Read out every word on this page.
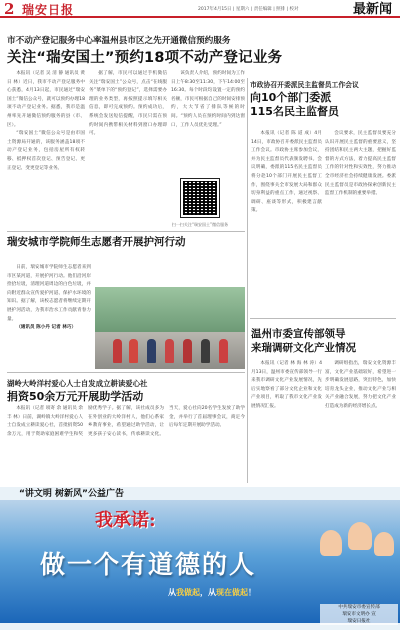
2 瑞安日报	2017年4月15日 | 星期六 | 责任编辑 | 照排 | 校对	最新闻
市不动产登记服务中心率温州县市区之先开通微信预约服务
关注“瑞安国土”预约18项不动产登记业务

本报讯（记者 吴 清 静 通讯员 黄 日 林）近日，我市不动产登记服务中心获悉，4月13日起，市民通过“瑞安国土”微信公众号，就可以预约办理18项不动产登记业务。据悉，我市是温州率先开通微信预约服务的县（市、区）。

“瑞安国土”微信公众号是由市国土资源局开通的，该服务涵盖18项不动产登记业务，包括房屋所有权转移、抵押权首次登记、预告登记、更正登记、变更登记等业务。

据了解，市民可以通过手机微信关注“瑞安国土”公众号，点击“在线服务”菜单下的“预约登记”，选择需要办理的业务类型，再按照提示填写相关信息，即可完成预约。预约成功后，系统会发送短信提醒，市民只需在预约时间内携带相关材料到窗口办理即可。

该负责人介绍，预约时间为工作日上午8:30至11:30，下午14:00至16:30。每个时段均设置一定的预约名额，市民可根据自己的时间安排预约，大大节省了排队等候的时间。“预约人员在预约时间内到达窗口，工作人员优先受理。”

扫一扫关注“瑞安国土”微信服务
市政协召开委派民主监督员工作会议
向10个部门委派
115名民主监督员

本报讯（记者 陈 道 成）4月14日，市政协召开委派民主监督员工作会议。市政协主席参加会议，并为民主监督员代表颁发聘书。会议明确，委派的115名民主监督员将分赴10个部门开展民主监督工作，围绕事关全市发展大局和群众切身利益的重点工作，通过视察、调研、座谈等形式，积极建言献策。

会议要求，民主监督员要充分认识开展民主监督的重要意义，坚持团结和民主两大主题，把握好监督的方式方法，着力提高民主监督工作的针对性和实效性，努力推动全市经济社会持续健康发展。委派民主监督员是市政协探索创新民主监督工作机制的重要举措。

瑞安城市学院师生志愿者开展护河行动

日前，瑞安城市学院师生志愿者来到市区某河道，开展护河行动。他们沿河岸捡拾垃圾，清理河道周边的白色垃圾，并向附近群众宣传爱护河道、保护水环境的知识。据了解，该校志愿者将继续定期开展护河活动，为我市治水工作贡献青春力量。

（通讯员 陈小丹 记者 林巧）

温州市委宣传部领导
来瑞调研文化产业情况

本报讯（记者 林 海 林 涛）4月13日，温州市委宣传部领导一行来我市调研文化产业发展情况，先后实地察看了部分文化企业和文化产业项目，听取了我市文化产业发展情况汇报。

调研组指出，瑞安文化资源丰富，文化产业基础较好，希望进一步明确发展思路，突出特色，加快培育龙头企业，推动文化产业与相关产业融合发展，努力把文化产业打造成为新的经济增长点。

湖岭大岭洋村爱心人士自发成立耕读爱心社
捐资50余万元开展助学活动

本报讯（记者 项寄 余 通讯员 余 丰 林）日前，湖岭镇大岭洋村爱心人士自发成立耕读爱心社，首批捐资50余万元，用于资助家庭困难学生和奖励优秀学子。据了解，该社成员多为在外创业的大岭洋村人，他们心系家乡教育事业，希望通过助学活动，让更多孩子安心读书，传承耕读文化。当天，爱心社向20名学生发放了助学金，并举行了首届理事会议，商定今后每年定期开展助学活动。

“讲文明 树新风”公益广告
我承诺:
做一个有道德的人
从我做起，从现在做起！
中共瑞安市委宣传部
瑞安市文明办 宣
瑞安日报社
